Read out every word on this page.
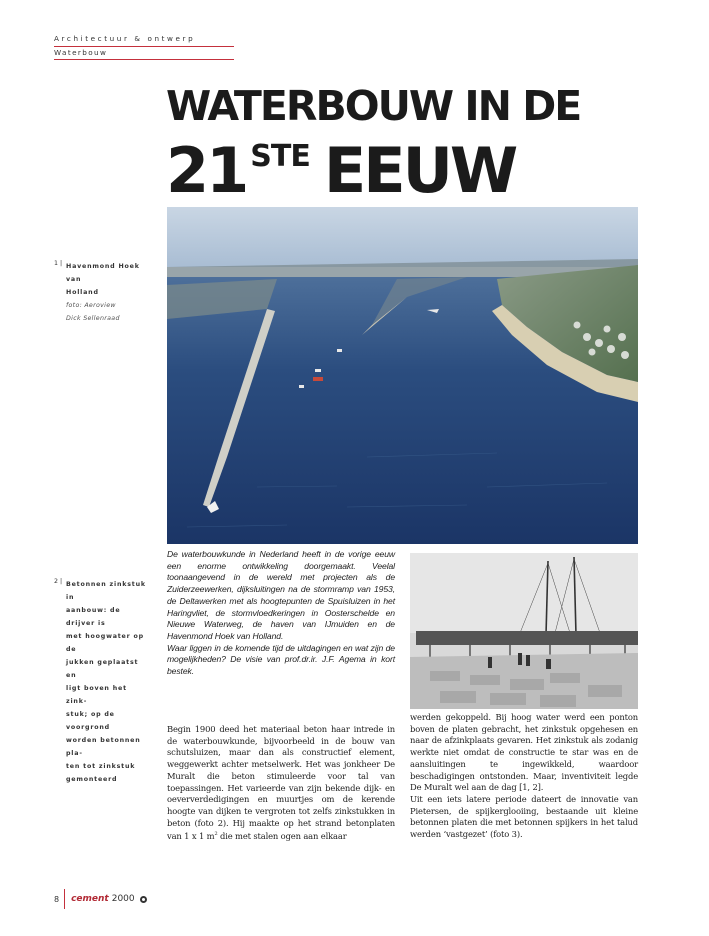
Architectuur & ontwerp
Waterbouw
WATERBOUW IN DE
21 $^{STE}$ EEUW
1 | Havenmond Hoek van
Holland
foto: Aeroview
Dick Sellenraad
2 | Betonnen zinkstuk in
aanbouw: de drijver is
met hoogwater op de
jukken geplaatst en
ligt boven het zink-
stuk; op de voorgrond
worden betonnen pla-
ten tot zinkstuk
gemonteerd
De waterbouwkunde in Nederland heeft in de vorige eeuw een enorme ontwikkeling doorgemaakt. Veelal toonaangevend in de wereld met projecten als de Zuiderzeewerken, dijksluitingen na de stormramp van 1953, de Deltawerken met als hoogtepunten de Spuisluizen in het Haringvliet, de stormvloedkeringen in Oosterschelde en Nieuwe Waterweg, de haven van IJmuiden en de Havenmond Hoek van Holland.
Waar liggen in de komende tijd de uitdagingen en wat zijn de mogelijkheden? De visie van prof.dr.ir. J.F. Agema in kort bestek.
Begin 1900 deed het materiaal beton haar intrede in de waterbouwkunde, bijvoorbeeld in de bouw van schutsluizen, maar dan als constructief element, weggewerkt achter metselwerk. Het was jonkheer De Muralt die beton stimuleerde voor tal van toepassingen. Het varieerde van zijn bekende dijk- en oeververdedigingen en muurtjes om de kerende hoogte van dijken te vergroten tot zelfs zinkstukken in beton (foto 2). Hij maakte op het strand betonplaten van 1 x 1 $m^2$ die met stalen ogen aan elkaar
werden gekoppeld. Bij hoog water werd een ponton boven de platen gebracht, het zinkstuk opgehesen en naar de afzinkplaats gevaren. Het zinkstuk als zodanig werkte niet omdat de constructie te star was en de aansluitingen te ingewikkeld, waardoor beschadigingen ontstonden. Maar, inventiviteit legde De Muralt wel aan de dag [1, 2].
Uit een iets latere periode dateert de innovatie van Pietersen, de spijkerglooiing, bestaande uit kleine betonnen platen die met betonnen spijkers in het talud werden ‘vastgezet’ (foto 3).
8 cement 2000
